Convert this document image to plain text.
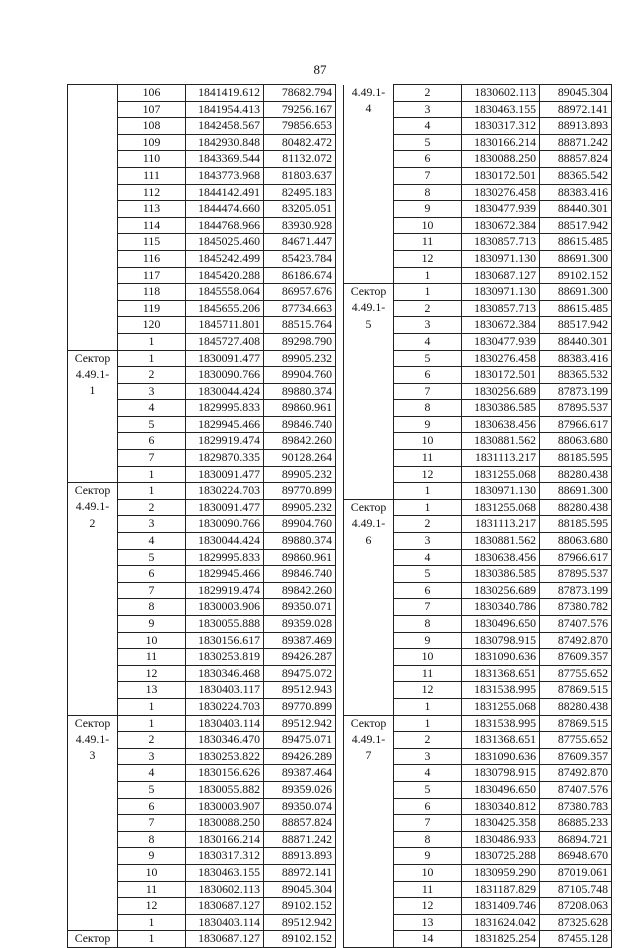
87
	106	1841419.612	78682.794
	107	1841954.413	79256.167
	108	1842458.567	79856.653
	109	1842930.848	80482.472
	110	1843369.544	81132.072
	111	1843773.968	81803.637
	112	1844142.491	82495.183
	113	1844474.660	83205.051
	114	1844768.966	83930.928
	115	1845025.460	84671.447
	116	1845242.499	85423.784
	117	1845420.288	86186.674
	118	1845558.064	86957.676
	119	1845655.206	87734.663
	120	1845711.801	88515.764
	1	1845727.408	89298.790
Сектор	1	1830091.477	89905.232
4.49.1-	2	1830090.766	89904.760
1	3	1830044.424	89880.374
	4	1829995.833	89860.961
	5	1829945.466	89846.740
	6	1829919.474	89842.260
	7	1829870.335	90128.264
	1	1830091.477	89905.232
Сектор	1	1830224.703	89770.899
4.49.1-	2	1830091.477	89905.232
2	3	1830090.766	89904.760
	4	1830044.424	89880.374
	5	1829995.833	89860.961
	6	1829945.466	89846.740
	7	1829919.474	89842.260
	8	1830003.906	89350.071
	9	1830055.888	89359.028
	10	1830156.617	89387.469
	11	1830253.819	89426.287
	12	1830346.468	89475.072
	13	1830403.117	89512.943
	1	1830224.703	89770.899
Сектор	1	1830403.114	89512.942
4.49.1-	2	1830346.470	89475.071
3	3	1830253.822	89426.289
	4	1830156.626	89387.464
	5	1830055.882	89359.026
	6	1830003.907	89350.074
	7	1830088.250	88857.824
	8	1830166.214	88871.242
	9	1830317.312	88913.893
	10	1830463.155	88972.141
	11	1830602.113	89045.304
	12	1830687.127	89102.152
	1	1830403.114	89512.942
Сектор	1	1830687.127	89102.152
4.49.1-	2	1830602.113	89045.304
4	3	1830463.155	88972.141
	4	1830317.312	88913.893
	5	1830166.214	88871.242
	6	1830088.250	88857.824
	7	1830172.501	88365.542
	8	1830276.458	88383.416
	9	1830477.939	88440.301
	10	1830672.384	88517.942
	11	1830857.713	88615.485
	12	1830971.130	88691.300
	1	1830687.127	89102.152
Сектор	1	1830971.130	88691.300
4.49.1-	2	1830857.713	88615.485
5	3	1830672.384	88517.942
	4	1830477.939	88440.301
	5	1830276.458	88383.416
	6	1830172.501	88365.532
	7	1830256.689	87873.199
	8	1830386.585	87895.537
	9	1830638.456	87966.617
	10	1830881.562	88063.680
	11	1831113.217	88185.595
	12	1831255.068	88280.438
	1	1830971.130	88691.300
Сектор	1	1831255.068	88280.438
4.49.1-	2	1831113.217	88185.595
6	3	1830881.562	88063.680
	4	1830638.456	87966.617
	5	1830386.585	87895.537
	6	1830256.689	87873.199
	7	1830340.786	87380.782
	8	1830496.650	87407.576
	9	1830798.915	87492.870
	10	1831090.636	87609.357
	11	1831368.651	87755.652
	12	1831538.995	87869.515
	1	1831255.068	88280.438
Сектор	1	1831538.995	87869.515
4.49.1-	2	1831368.651	87755.652
7	3	1831090.636	87609.357
	4	1830798.915	87492.870
	5	1830496.650	87407.576
	6	1830340.812	87380.783
	7	1830425.358	86885.233
	8	1830486.933	86894.721
	9	1830725.288	86948.670
	10	1830959.290	87019.061
	11	1831187.829	87105.748
	12	1831409.746	87208.063
	13	1831624.042	87325.628
	14	1831825.254	87455.128
